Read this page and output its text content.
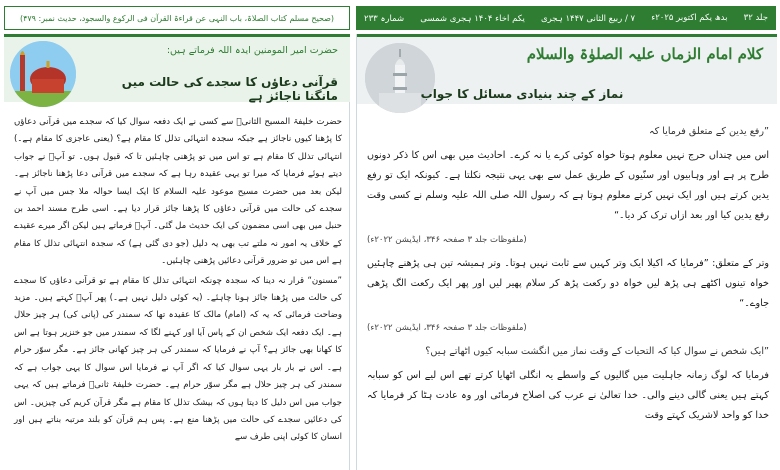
جلد ۳۲
بدھ یکم اکتوبر ۲۰۲۵ء
۷ / ربیع الثانی ۱۴۴۷ ہجری
یکم اخاء ۱۴۰۴ ہجری شمسی
شمارہ ۲۳۳
(صحیح مسلم کتاب الصلاۃ، باب النہی عن قراءۃ القرآن فی الرکوع والسجود، حدیث نمبر: ۴۷۹)
کلام امام الزماں علیہ الصلوٰۃ والسلام
نماز کے چند بنیادی مسائل کا جواب

”رفع یدین کے متعلق فرمایا کہ

اس میں چنداں حرج نہیں معلوم ہوتا خواہ کوئی کرے یا نہ کرے۔ احادیث میں بھی اس کا ذکر دونوں طرح پر ہے اور وہابیوں اور سنّیوں کے طریق عمل سے بھی یہی نتیجہ نکلتا ہے۔ کیونکہ ایک تو رفع یدین کرتے ہیں اور ایک نہیں کرتے معلوم ہوتا ہے کہ رسول اللہ صلی اللہ علیہ وسلم نے کسی وقت رفع یدین کیا اور بعد ازاں ترک کر دیا۔“

(ملفوظات جلد ۳ صفحہ ۳۴۶، ایڈیشن ۲۰۲۲ء)

وتر کے متعلق: ”فرمایا کہ اکیلا ایک وتر کہیں سے ثابت نہیں ہوتا۔ وتر ہمیشہ تین ہی پڑھنے چاہئیں خواہ تینوں اکٹھے ہی پڑھ لیں خواہ دو رکعت پڑھ کر سلام پھیر لیں اور پھر ایک رکعت الگ پڑھی جاوے۔“

(ملفوظات جلد ۳ صفحہ ۳۴۶، ایڈیشن ۲۰۲۲ء)

”ایک شخص نے سوال کیا کہ التحیات کے وقت نماز میں انگشت سبابہ کیوں اٹھاتے ہیں؟

فرمایا کہ لوگ زمانہ جاہلیت میں گالیوں کے واسطے یہ انگلی اٹھایا کرتے تھے اس لیے اس کو سبابہ کہتے ہیں یعنی گالی دینے والی۔ خدا تعالیٰ نے عرب کی اصلاح فرمائی اور وہ عادت ہٹا کر فرمایا کہ خدا کو واحد لاشریک کہتے وقت

حضرت امیر المومنین ایدہ اللہ فرماتے ہیں:
قرآنی دعاؤں کا سجدے کی حالت میں مانگنا ناجائز ہے

حضرت خلیفۃ المسیح الثانیؓ سے کسی نے ایک دفعہ سوال کیا کہ سجدے میں قرآنی دعاؤں کا پڑھنا کیوں ناجائز ہے جبکہ سجدہ انتہائی تذلل کا مقام ہے؟ (یعنی عاجزی کا مقام ہے۔) انتہائی تذلل کا مقام ہے تو اس میں تو پڑھنی چاہئیں تا کہ قبول ہوں۔ تو آپؓ نے جواب دیتے ہوئے فرمایا کہ میرا تو یہی عقیدہ رہا ہے کہ سجدے میں قرآنی دعا پڑھنا ناجائز ہے۔ لیکن بعد میں حضرت مسیح موعود علیہ السلام کا ایک ایسا حوالہ ملا جس میں آپ نے سجدے کی حالت میں قرآنی دعاؤں کا پڑھنا جائز قرار دیا ہے۔ اسی طرح مسند احمد بن حنبل میں بھی اسی مضمون کی ایک حدیث مل گئی۔ آپؓ فرماتے ہیں لیکن اگر میرے عقیدے کے خلاف یہ امور نہ ملتے تب بھی یہ دلیل (جو دی گئی ہے) کہ سجدہ انتہائی تذلل کا مقام ہے اس میں تو ضرور قرآنی دعائیں پڑھنی چاہئیں۔

”مسنون“ قرار نہ دینا کہ سجدہ چونکہ انتہائی تذلل کا مقام ہے تو قرآنی دعاؤں کا سجدے کی حالت میں پڑھنا جائز ہونا چاہئے۔ (یہ کوئی دلیل نہیں ہے۔) پھر آپؓ کہتے ہیں۔ مزید وضاحت فرمائی کہ یہ کہ (امام) مالک کا عقیدہ تھا کہ سمندر کی (پانی کی) ہر چیز حلال ہے۔ ایک دفعہ ایک شخص ان کے پاس آیا اور کہنے لگا کہ سمندر میں جو خنزیر ہوتا ہے اس کا کھانا بھی جائز ہے؟ آپ نے فرمایا کہ سمندر کی ہر چیز کھانی جائز ہے۔ مگر سوّر حرام ہے۔ اس نے بار بار یہی سوال کیا کہ اگر آپ نے فرمایا اس سوال کا یہی جواب ہے کہ سمندر کی ہر چیز حلال ہے مگر سوّر حرام ہے۔ حضرت خلیفۃ ثانیؓ فرماتے ہیں کہ یہی جواب میں اس دلیل کا دیتا ہوں کہ بیشک تذلل کا مقام ہے مگر قرآن کریم کی چیزیں۔ اس کی دعائیں سجدے کی حالت میں پڑھنا منع ہے۔ پس ہم قرآن کو بلند مرتبہ بناتے ہیں اور انسان کا کوئی اپنی طرف سے
